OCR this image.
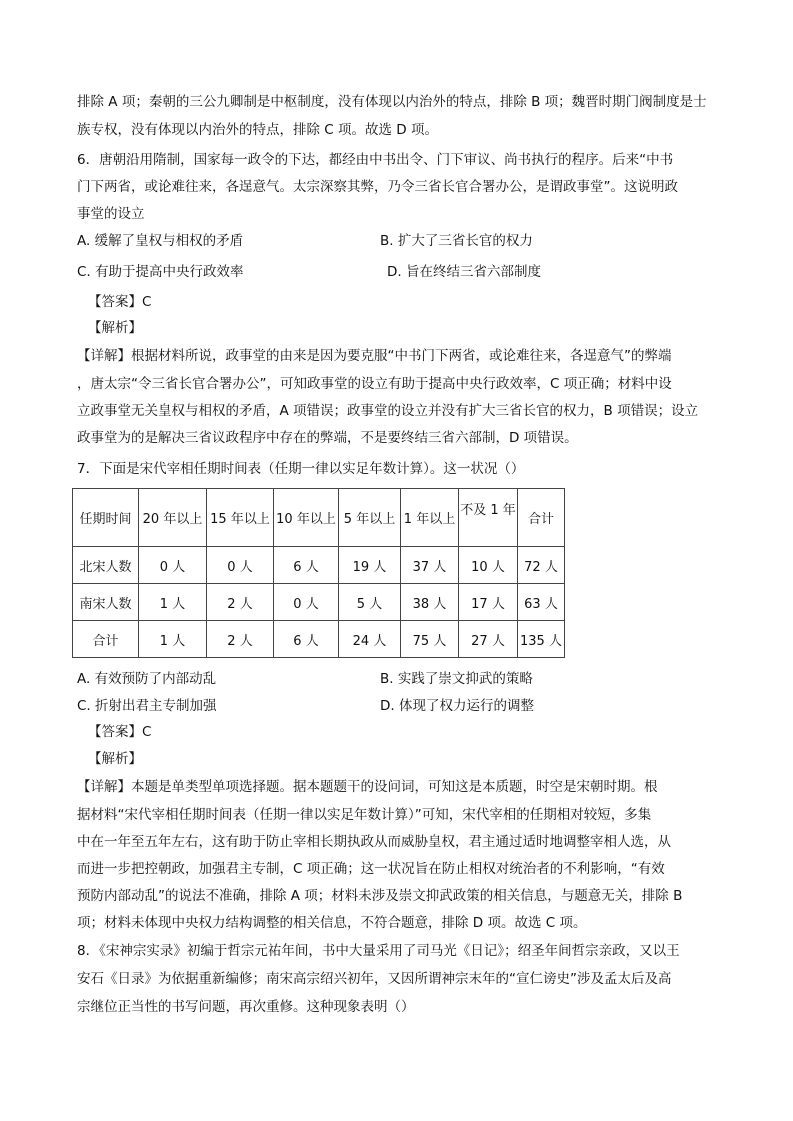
排除 A 项；秦朝的三公九卿制是中枢制度，没有体现以内治外的特点，排除 B 项；魏晋时期门阀制度是士
族专权，没有体现以内治外的特点，排除 C 项。故选 D 项。
6．唐朝沿用隋制，国家每一政令的下达，都经由中书出令、门下审议、尚书执行的程序。后来“中书
门下两省，或论难往来，各逞意气。太宗深察其弊，乃令三省长官合署办公，是谓政事堂”。这说明政
事堂的设立
A. 缓解了皇权与相权的矛盾	B. 扩大了三省长官的权力
C. 有助于提高中央行政效率	D. 旨在终结三省六部制度
【答案】C
【解析】
【详解】根据材料所说，政事堂的由来是因为要克服“中书门下两省，或论难往来，各逞意气”的弊端
，唐太宗“令三省长官合署办公”，可知政事堂的设立有助于提高中央行政效率，C 项正确；材料中设
立政事堂无关皇权与相权的矛盾，A 项错误；政事堂的设立并没有扩大三省长官的权力，B 项错误；设立
政事堂为的是解决三省议政程序中存在的弊端，不是要终结三省六部制，D 项错误。
7．下面是宋代宰相任期时间表（任期一律以实足年数计算）。这一状况（）
任期时间	20 年以上	15 年以上	10 年以上	5 年以上	1 年以上	不及 1 年	合计
北宋人数	0 人	0 人	6 人	19 人	37 人	10 人	72 人
南宋人数	1 人	2 人	0 人	5 人	38 人	17 人	63 人
合计	1 人	2 人	6 人	24 人	75 人	27 人	135 人
A. 有效预防了内部动乱	B. 实践了崇文抑武的策略
C. 折射出君主专制加强	D. 体现了权力运行的调整
【答案】C
【解析】
【详解】本题是单类型单项选择题。据本题题干的设问词，可知这是本质题，时空是宋朝时期。根
据材料“宋代宰相任期时间表（任期一律以实足年数计算）”可知，宋代宰相的任期相对较短，多集
中在一年至五年左右，这有助于防止宰相长期执政从而威胁皇权，君主通过适时地调整宰相人选，从
而进一步把控朝政，加强君主专制，C 项正确；这一状况旨在防止相权对统治者的不利影响，“有效
预防内部动乱”的说法不准确，排除 A 项；材料未涉及崇文抑武政策的相关信息，与题意无关，排除 B
项；材料未体现中央权力结构调整的相关信息，不符合题意，排除 D 项。故选 C 项。
8．《宋神宗实录》初编于哲宗元祐年间，书中大量采用了司马光《日记》；绍圣年间哲宗亲政，又以王
安石《日录》为依据重新编修；南宋高宗绍兴初年，又因所谓神宗末年的“宣仁谤史”涉及孟太后及高
宗继位正当性的书写问题，再次重修。这种现象表明（）
